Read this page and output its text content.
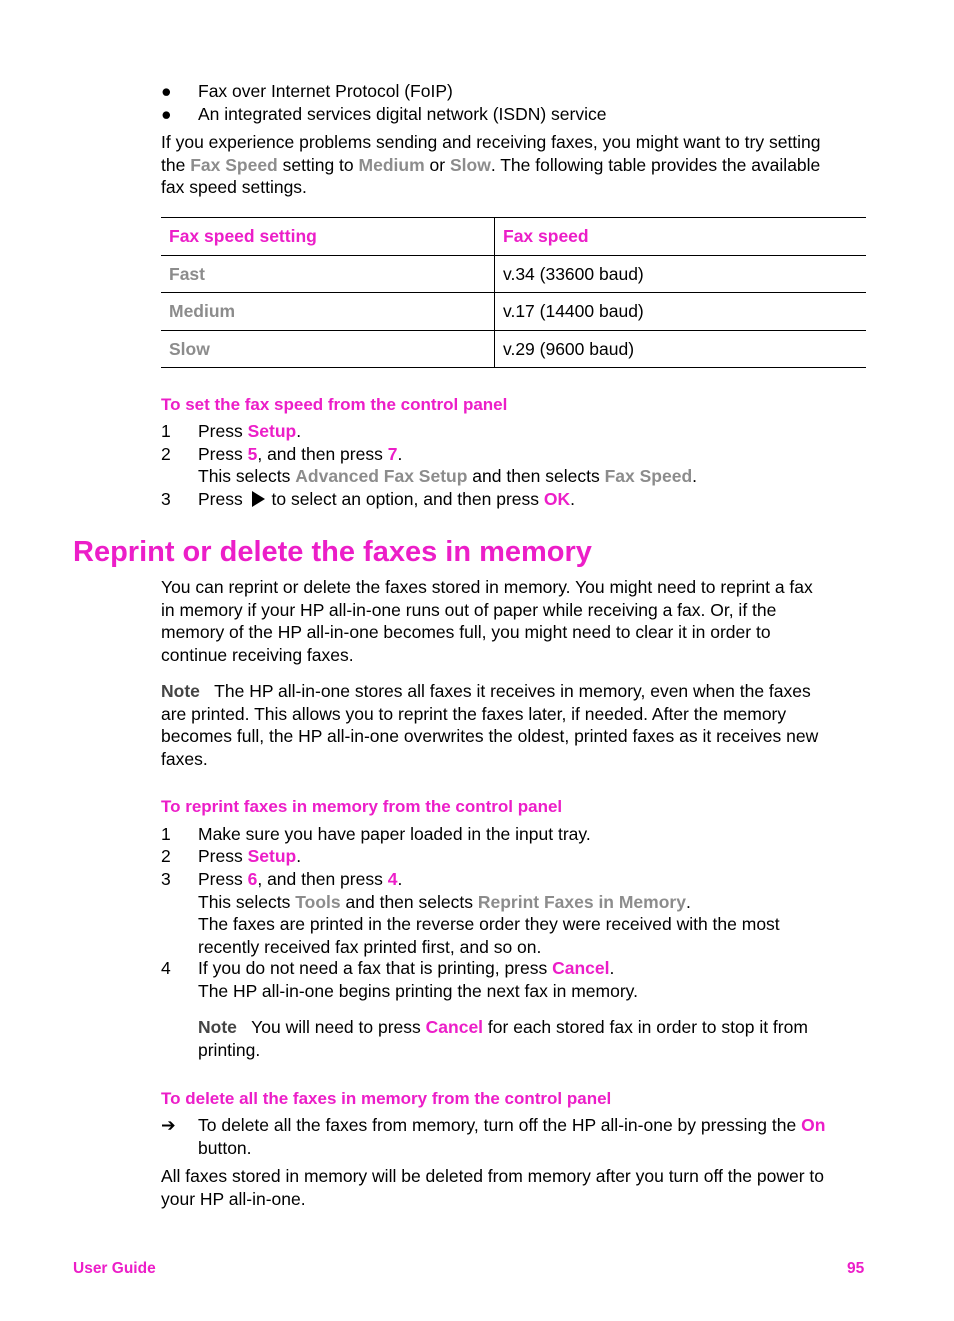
● Fax over Internet Protocol (FoIP)
● An integrated services digital network (ISDN) service
If you experience problems sending and receiving faxes, you might want to try setting
the Fax Speed setting to Medium or Slow. The following table provides the available
fax speed settings.
Fax speed setting	Fax speed
Fast	v.34 (33600 baud)
Medium	v.17 (14400 baud)
Slow	v.29 (9600 baud)
To set the fax speed from the control panel
1 Press Setup.
2 Press 5, and then press 7.
This selects Advanced Fax Setup and then selects Fax Speed.
3 Press to select an option, and then press OK.
Reprint or delete the faxes in memory
You can reprint or delete the faxes stored in memory. You might need to reprint a fax
in memory if your HP all-in-one runs out of paper while receiving a fax. Or, if the
memory of the HP all-in-one becomes full, you might need to clear it in order to
continue receiving faxes.
Note The HP all-in-one stores all faxes it receives in memory, even when the faxes
are printed. This allows you to reprint the faxes later, if needed. After the memory
becomes full, the HP all-in-one overwrites the oldest, printed faxes as it receives new
faxes.
To reprint faxes in memory from the control panel
1 Make sure you have paper loaded in the input tray.
2 Press Setup.
3 Press 6, and then press 4.
This selects Tools and then selects Reprint Faxes in Memory.
The faxes are printed in the reverse order they were received with the most
recently received fax printed first, and so on.
4 If you do not need a fax that is printing, press Cancel.
The HP all-in-one begins printing the next fax in memory.
Note You will need to press Cancel for each stored fax in order to stop it from
printing.
To delete all the faxes in memory from the control panel
➔ To delete all the faxes from memory, turn off the HP all-in-one by pressing the On
button.
All faxes stored in memory will be deleted from memory after you turn off the power to
your HP all-in-one.
User Guide	95
